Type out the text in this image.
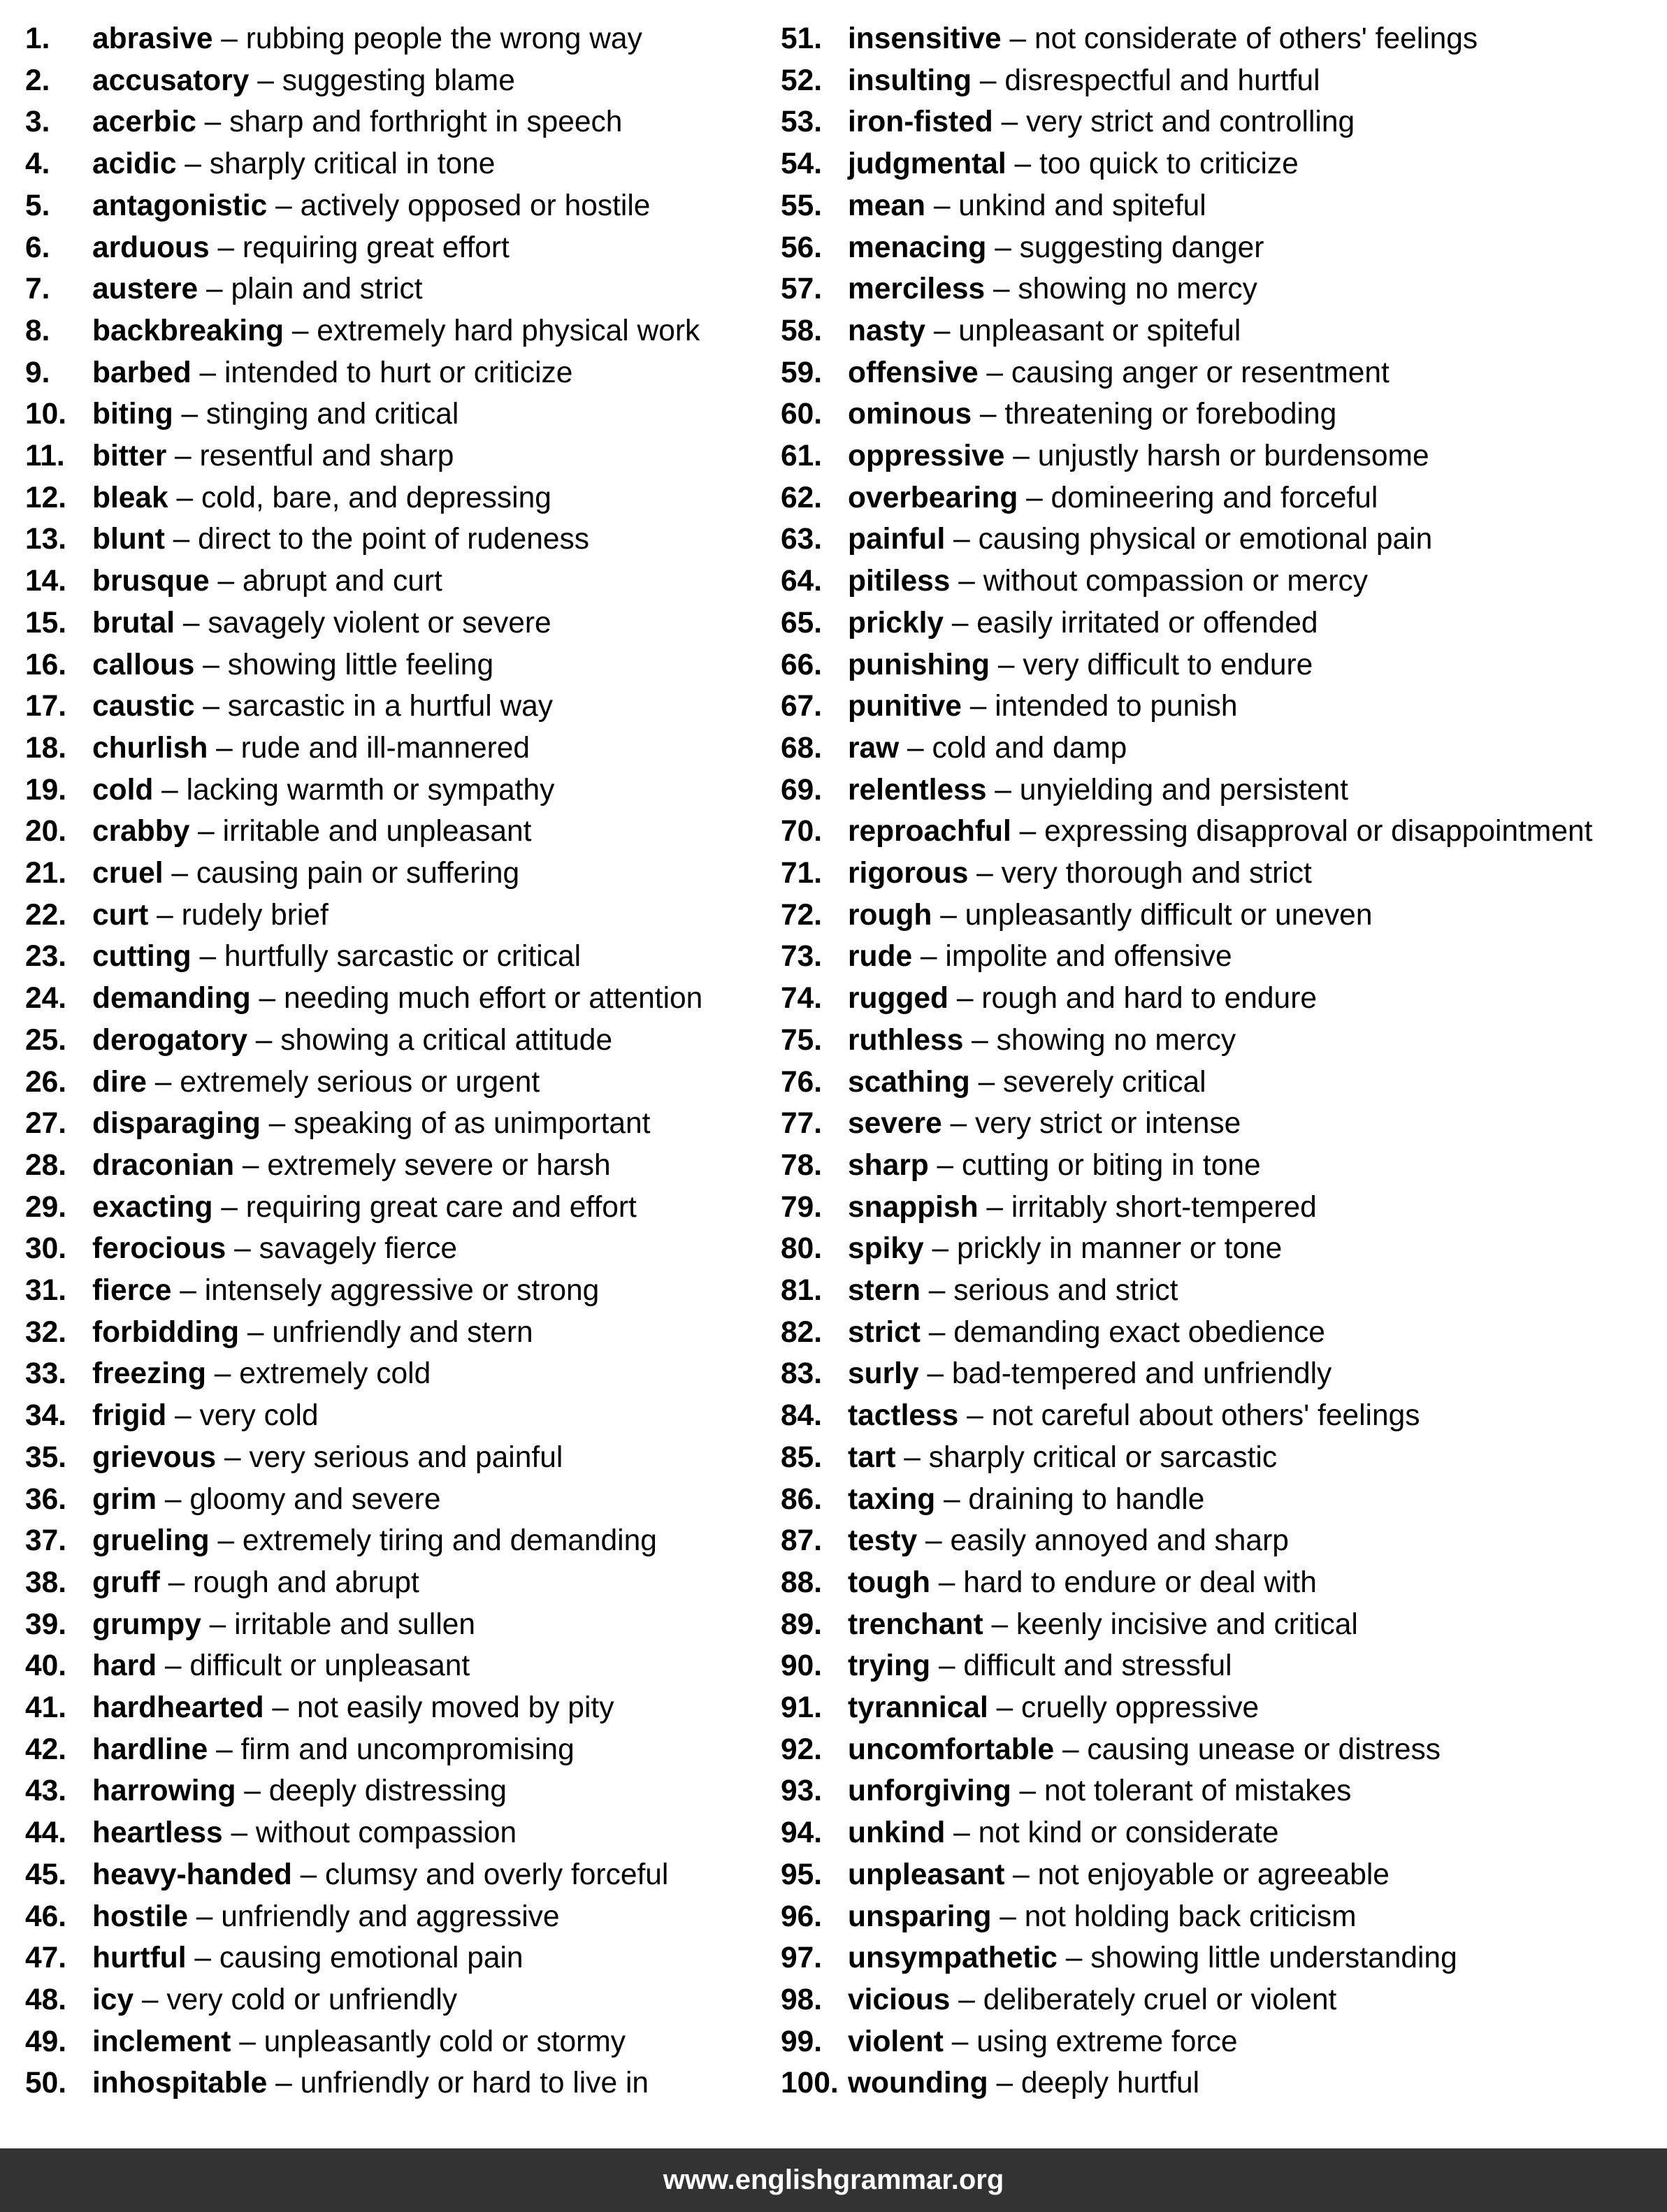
1. abrasive – rubbing people the wrong way
2. accusatory – suggesting blame
3. acerbic – sharp and forthright in speech
4. acidic – sharply critical in tone
5. antagonistic – actively opposed or hostile
6. arduous – requiring great effort
7. austere – plain and strict
8. backbreaking – extremely hard physical work
9. barbed – intended to hurt or criticize
10. biting – stinging and critical
11. bitter – resentful and sharp
12. bleak – cold, bare, and depressing
13. blunt – direct to the point of rudeness
14. brusque – abrupt and curt
15. brutal – savagely violent or severe
16. callous – showing little feeling
17. caustic – sarcastic in a hurtful way
18. churlish – rude and ill-mannered
19. cold – lacking warmth or sympathy
20. crabby – irritable and unpleasant
21. cruel – causing pain or suffering
22. curt – rudely brief
23. cutting – hurtfully sarcastic or critical
24. demanding – needing much effort or attention
25. derogatory – showing a critical attitude
26. dire – extremely serious or urgent
27. disparaging – speaking of as unimportant
28. draconian – extremely severe or harsh
29. exacting – requiring great care and effort
30. ferocious – savagely fierce
31. fierce – intensely aggressive or strong
32. forbidding – unfriendly and stern
33. freezing – extremely cold
34. frigid – very cold
35. grievous – very serious and painful
36. grim – gloomy and severe
37. grueling – extremely tiring and demanding
38. gruff – rough and abrupt
39. grumpy – irritable and sullen
40. hard – difficult or unpleasant
41. hardhearted – not easily moved by pity
42. hardline – firm and uncompromising
43. harrowing – deeply distressing
44. heartless – without compassion
45. heavy-handed – clumsy and overly forceful
46. hostile – unfriendly and aggressive
47. hurtful – causing emotional pain
48. icy – very cold or unfriendly
49. inclement – unpleasantly cold or stormy
50. inhospitable – unfriendly or hard to live in
51. insensitive – not considerate of others' feelings
52. insulting – disrespectful and hurtful
53. iron-fisted – very strict and controlling
54. judgmental – too quick to criticize
55. mean – unkind and spiteful
56. menacing – suggesting danger
57. merciless – showing no mercy
58. nasty – unpleasant or spiteful
59. offensive – causing anger or resentment
60. ominous – threatening or foreboding
61. oppressive – unjustly harsh or burdensome
62. overbearing – domineering and forceful
63. painful – causing physical or emotional pain
64. pitiless – without compassion or mercy
65. prickly – easily irritated or offended
66. punishing – very difficult to endure
67. punitive – intended to punish
68. raw – cold and damp
69. relentless – unyielding and persistent
70. reproachful – expressing disapproval or disappointment
71. rigorous – very thorough and strict
72. rough – unpleasantly difficult or uneven
73. rude – impolite and offensive
74. rugged – rough and hard to endure
75. ruthless – showing no mercy
76. scathing – severely critical
77. severe – very strict or intense
78. sharp – cutting or biting in tone
79. snappish – irritably short-tempered
80. spiky – prickly in manner or tone
81. stern – serious and strict
82. strict – demanding exact obedience
83. surly – bad-tempered and unfriendly
84. tactless – not careful about others' feelings
85. tart – sharply critical or sarcastic
86. taxing – draining to handle
87. testy – easily annoyed and sharp
88. tough – hard to endure or deal with
89. trenchant – keenly incisive and critical
90. trying – difficult and stressful
91. tyrannical – cruelly oppressive
92. uncomfortable – causing unease or distress
93. unforgiving – not tolerant of mistakes
94. unkind – not kind or considerate
95. unpleasant – not enjoyable or agreeable
96. unsparing – not holding back criticism
97. unsympathetic – showing little understanding
98. vicious – deliberately cruel or violent
99. violent – using extreme force
100. wounding – deeply hurtful
www.englishgrammar.org
